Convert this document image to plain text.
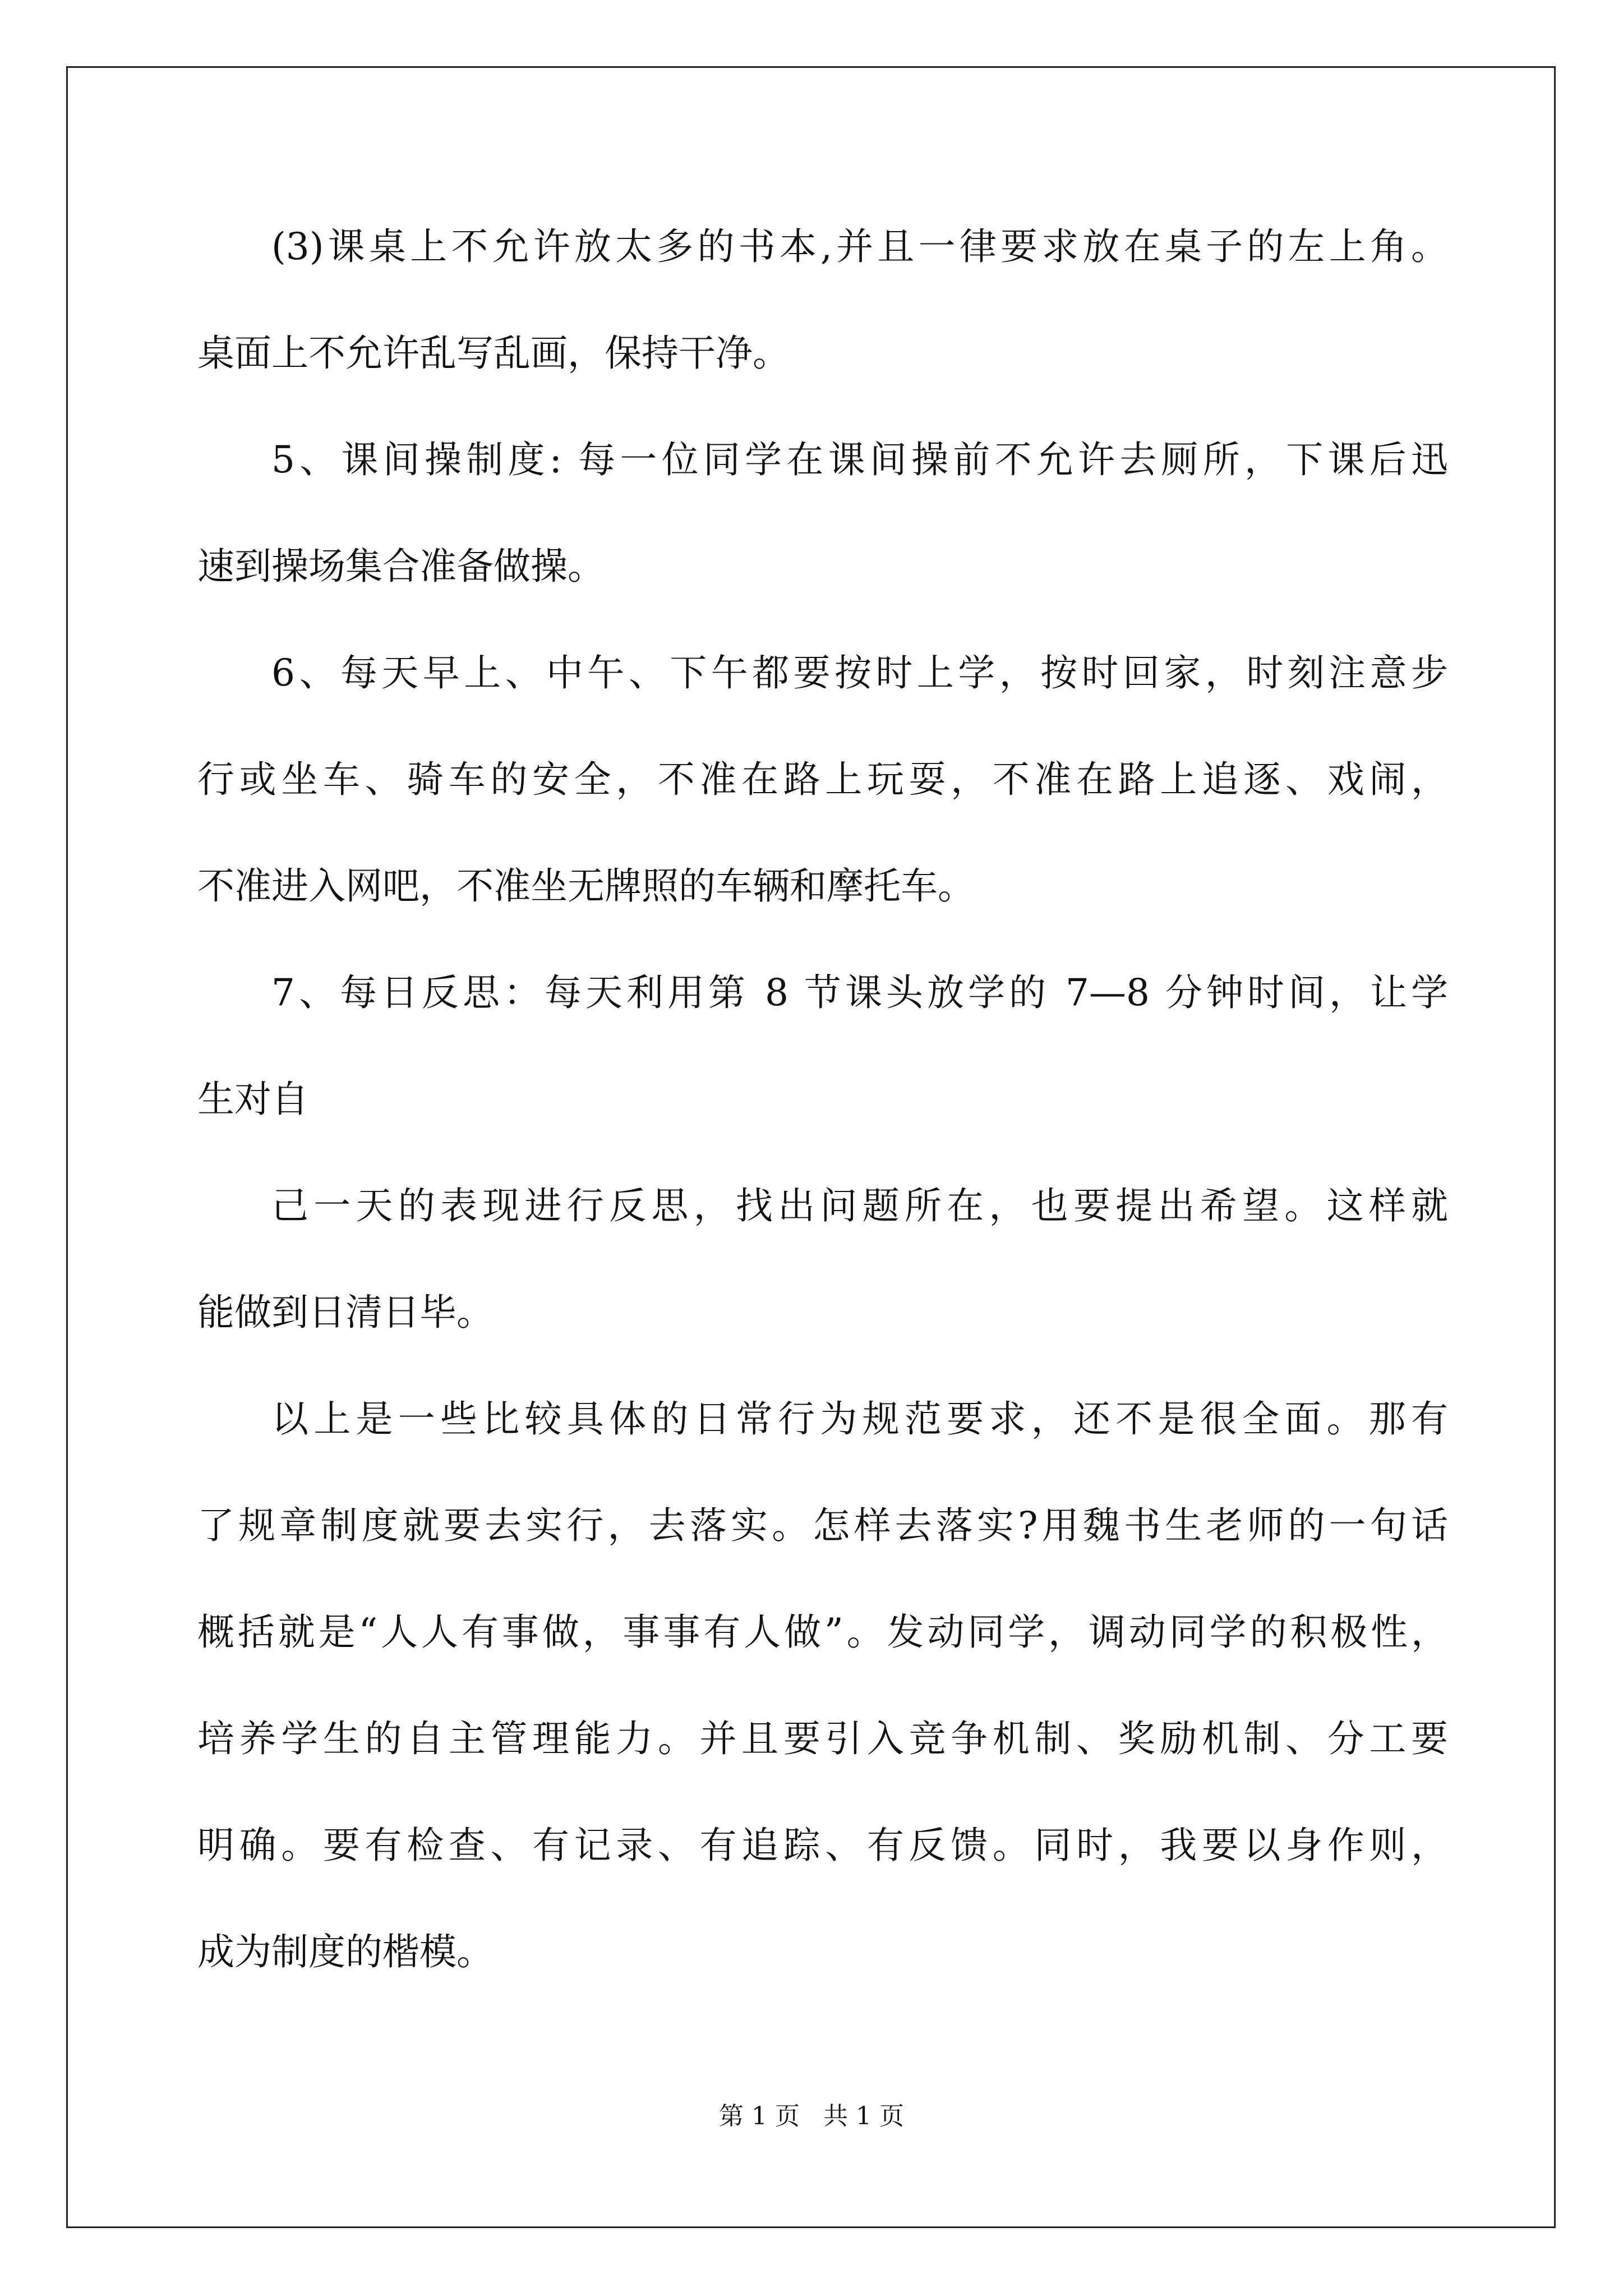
(3)课桌上不允许放太多的书本,并且一律要求放在桌子的左上角。
桌面上不允许乱写乱画，保持干净。
5、课间操制度: 每一位同学在课间操前不允许去厕所，下课后迅
速到操场集合准备做操。
6、每天早上、中午、下午都要按时上学，按时回家，时刻注意步
行或坐车、骑车的安全，不准在路上玩耍，不准在路上追逐、戏闹，
不准进入网吧，不准坐无牌照的车辆和摩托车。
7、每日反思：每天利用第 8 节课头放学的 7—8 分钟时间，让学
生对自
己一天的表现进行反思，找出问题所在，也要提出希望。这样就
能做到日清日毕。
以上是一些比较具体的日常行为规范要求，还不是很全面。那有
了规章制度就要去实行，去落实。怎样去落实?用魏书生老师的一句话
概括就是“人人有事做，事事有人做”。发动同学，调动同学的积极性，
培养学生的自主管理能力。并且要引入竞争机制、奖励机制、分工要
明确。要有检查、有记录、有追踪、有反馈。同时，我要以身作则，
成为制度的楷模。
第 1 页   共 1 页
